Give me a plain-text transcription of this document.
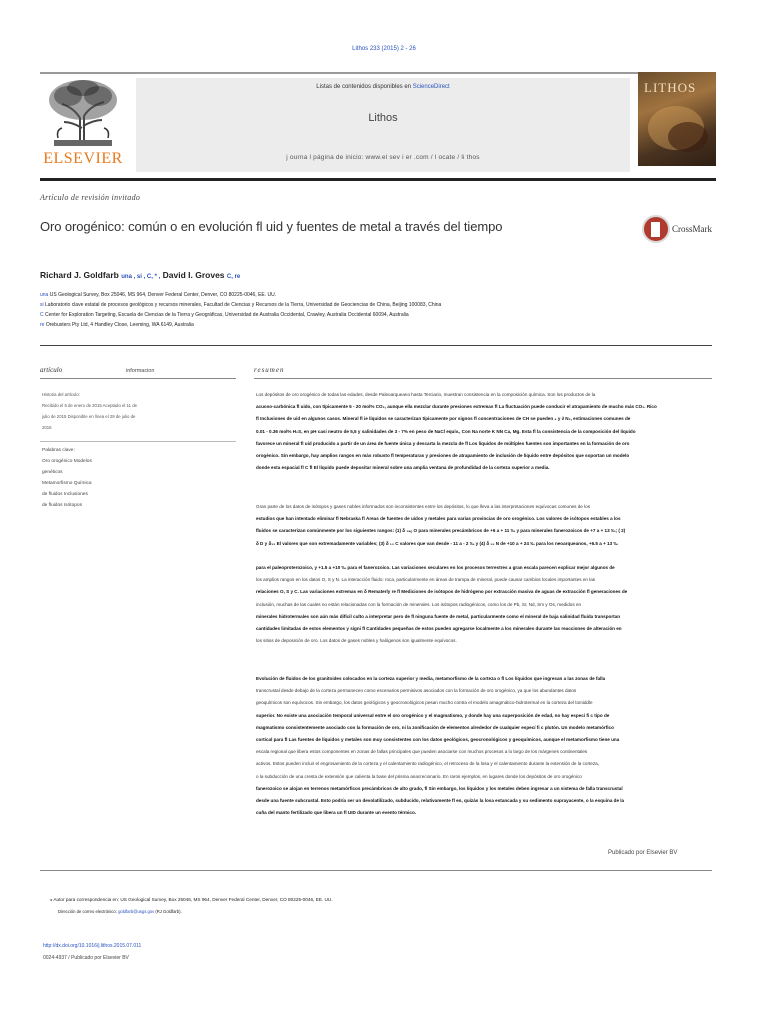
Lithos 233 (2015) 2 - 26
ELSEVIER
Listas de contenidos disponibles en ScienceDirect
Lithos
j ourna l página de inicio: www.el sev i er .com / l ocate / li thos
LITHOS
Artículo de revisión invitado
Oro orogénico: común o en evolución fl uid y fuentes de metal a través del tiempo	CrossMark
Richard J. Goldfarb una , si , C, * , David I. Groves C, re
una US Geological Survey, Box 25046, MS 964, Denver Federal Center, Denver, CO 80225-0046, EE. UU.
si Laboratorio clave estatal de procesos geológicos y recursos minerales, Facultad de Ciencias y Recursos de la Tierra, Universidad de Geociencias de China, Beijing 100083, China
C Center for Exploration Targeting, Escuela de Ciencias de la Tierra y Geográficas, Universidad de Australia Occidental, Crawley, Australia Occidental 60094, Australia
re Orebusters Pty Ltd, 4 Handley Close, Leeming, WA 6149, Australia
artículo	informacion
Historia del artículo:
Recibido el 5 de enero de 2015 Aceptado el 11 de
julio de 2015 Disponible en línea el 29 de julio de
2015
Palabras clave:
Oro orogénico Modelos
genéticos
Metamorfismo Química
de fluidos Inclusiones
de fluidos Isótopos
resumen
Los depósitos de oro orogénico de todas las edades, desde Paleoarqueano hasta Terciario, muestran consistencia en la composición química. Son los productos de la
acuoso-carbónica fl uido, con típicamente 5 - 20 mol% CO₂, aunque ella mezclar durante presiones extremas fl La fluctuación puede conducir el atrapamiento de mucho más CO₂. Rico
fl Inclusiones de uid en algunos casos. Mineral fl ie líquidos se caracterizan típicamente por signos fl concentraciones de CH se pueden ₄ y ∂ N₂, estimaciones comunes de
0.01 - 0.36 mol% H₂S, en pH casi neutro de 5,5 y salinidades de 3 - 7% en peso de NaCl equiv., Con Na norte K NN Ca, Mg. Esta fl la consistencia de la composición del líquido
favorece un mineral fl uid producido a partir de un área de fuente única y descarta la mezcla de fl Los líquidos de múltiples fuentes son importantes en la formación de oro
orogénico. Sin embargo, hay amplios rangos en más robusto fl temperaturas y presiones de atrapamiento de inclusión de líquido entre depósitos que soportan un modelo
donde esta espacial fl C fl El líquido puede depositar mineral sobre una amplia ventana de profundidad de la corteza superior a media.
Gran parte de los datos de isótopos y gases nobles informados son inconsistentes entre los depósitos, lo que lleva a las interpretaciones equívocas comunes de los
estudios que han intentado eliminar fl Nebraska fl Áreas de fuentes de uidos y metales para varias provincias de oro orogénico. Los valores de isótopos estables a los
fluidos se caracterizan comúnmente por los siguientes rangos: (1) δ ₁₈ₒ O para minerales precámbricos de +6 a + 11 ‰ y para minerales fanerozoicos de +7 a + 13 ‰; ( 2)
δ D y δ₁₃ El valores que son extremadamente variables; (3) δ ₁₃ C valores que van desde - 11 a - 2 ‰ y (4) δ ₁₅ N de +10 a + 24 ‰ para los neoarqueanos, +6.5 a + 13 ‰
para el paleoproterozoico, y +1.5 a +10 ‰ para el fanerozoico. Las variaciones seculares en los procesos terrestres a gran escala parecen explicar mejor algunos de
los amplios rangos en los datos O, S y N. La interacción fluido: roca, particularmente en áreas de trampa de mineral, puede causar cambios locales importantes en las
relaciones O, S y C. Las variaciones extremas en δ Rematerly re fl Mediciones de isótopos de hidrógeno por extracción masiva de aguas de extracción fl generaciones de
inclusión, muchas de las cuales no están relacionadas con la formación de minerales. Los isótopos radiogénicos, como los de Pb, Sr, Nd, Sm y Os, medidos en
minerales hidrotermales son aún más difícil culto a interpretar pero de fl ninguna fuente de metal, particularmente como el mineral de baja salinidad fluida transportan
cantidades limitadas de estos elementos y signi fl Cantidades pequeñas de estos pueden agregarse localmente a los minerales durante las reacciones de alteración en
los sitios de deposición de oro. Los datos de gases nobles y halógenos son igualmente equívocos.
Evolución de fluidos de los granitoides colocados en la corteza superior y media, metamorfismo de la corteza o fl Los líquidos que ingresan a las zonas de falla
transcrustal desde debajo de la corteza permanecen como escenarios permisivos asociados con la formación de oro orogénico, ya que los abundantes datos
geoquímicos son equívocos. Sin embargo, los datos geológicos y geocronológicos pesan mucho contra el modelo amagmático-hidrotermal en la corteza del tomiddle
superior. No existe una asociación temporal universal entre el oro orogénico y el magmatismo, y donde hay una superposición de edad, no hay especí fi c tipo de
magmatismo consistentemente asociado con la formación de oro, ni la zonificación de elementos alrededor de cualquier especí fi c plutón. Un modelo metamórfico
cortical para fl Las fuentes de líquidos y metales son muy consistentes con los datos geológicos, geocronológicos y geoquímicos, aunque el metamorfismo tiene una
escala regional que libera estos componentes en zonas de fallas principales que pueden asociarse con muchos procesos a lo largo de los márgenes continentales
activos. Estos pueden incluir el engrosamiento de la corteza y el calentamiento radiogénico, el retroceso de la losa y el calentamiento durante la extensión de la corteza,
o la subducción de una cresta de extensión que calienta la base del prisma anacrecionario. En raros ejemplos, en lugares donde los depósitos de oro orogénico
fanerozoico se alojan en terrenos metamórficos precámbricos de alto grado, fl Sin embargo, los líquidos y los metales deben ingresar a un sistema de falla transcrustal
desde una fuente subcrustal. Esto podría ser un devolatilizado, subducido, relativamente fl en, quizás la losa estancada y su sedimento suprayacente, o la esquina de la
cuña del manto fertilizado que libera un fl UID durante un evento térmico.
Publicado por Elsevier BV
⁎ Autor para correspondencia en: US Geological Survey, Box 25046, MS 964, Denver Federal Center, Denver, CO 80225-0046, EE. UU.
Dirección de correo electrónico: goldfarb@usgs.gov (RJ Goldfarb).
http://dx.doi.org/10.1016/j.lithos.2015.07.011
0024-4937 / Publicado por Elsevier BV
